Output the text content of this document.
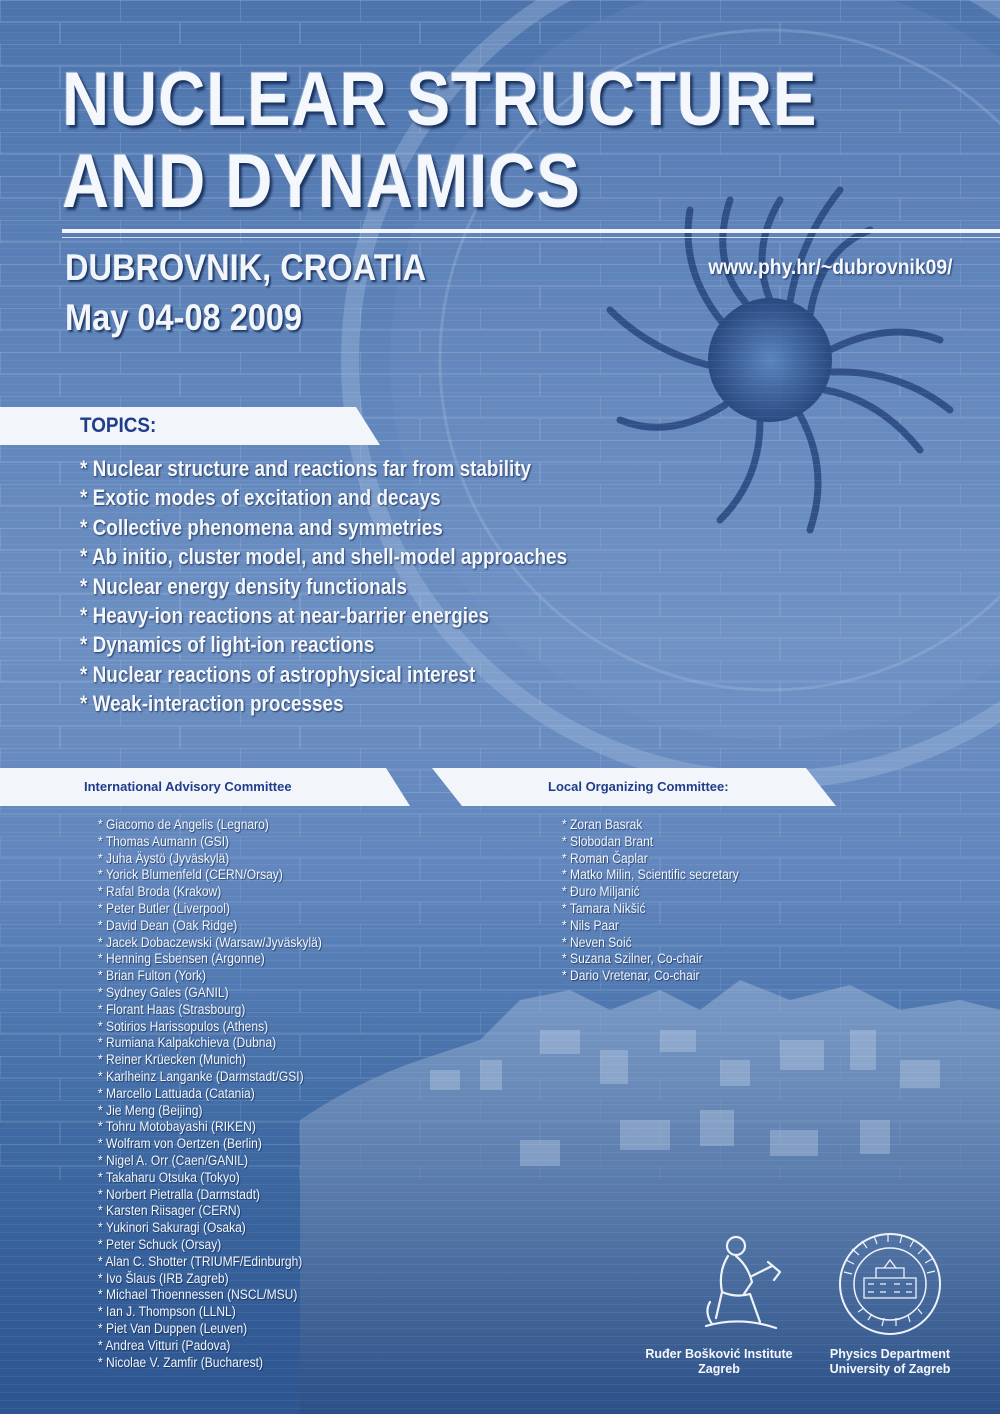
NUCLEAR STRUCTURE
AND DYNAMICS
DUBROVNIK, CROATIA
May 04-08 2009
www.phy.hr/~dubrovnik09/
TOPICS:
* Nuclear structure and reactions far from stability
* Exotic modes of excitation and decays
* Collective phenomena and symmetries
* Ab initio, cluster model, and shell-model approaches
* Nuclear energy density functionals
* Heavy-ion reactions at near-barrier energies
* Dynamics of light-ion reactions
* Nuclear reactions of astrophysical interest
* Weak-interaction processes
International Advisory Committee	Local Organizing Committee:
* Giacomo de Angelis (Legnaro)
* Thomas Aumann (GSI)
* Juha Äystö (Jyväskylä)
* Yorick Blumenfeld (CERN/Orsay)
* Rafal Broda (Krakow)
* Peter Butler (Liverpool)
* David Dean (Oak Ridge)
* Jacek Dobaczewski (Warsaw/Jyväskylä)
* Henning Esbensen (Argonne)
* Brian Fulton (York)
* Sydney Gales (GANIL)
* Florant Haas (Strasbourg)
* Sotirios Harissopulos (Athens)
* Rumiana Kalpakchieva (Dubna)
* Reiner Krüecken (Munich)
* Karlheinz Langanke (Darmstadt/GSI)
* Marcello Lattuada (Catania)
* Jie Meng (Beijing)
* Tohru Motobayashi (RIKEN)
* Wolfram von Oertzen (Berlin)
* Nigel A. Orr (Caen/GANIL)
* Takaharu Otsuka (Tokyo)
* Norbert Pietralla (Darmstadt)
* Karsten Riisager (CERN)
* Yukinori Sakuragi (Osaka)
* Peter Schuck (Orsay)
* Alan C. Shotter (TRIUMF/Edinburgh)
* Ivo Šlaus (IRB Zagreb)
* Michael Thoennessen (NSCL/MSU)
* Ian J. Thompson (LLNL)
* Piet Van Duppen (Leuven)
* Andrea Vitturi (Padova)
* Nicolae V. Zamfir (Bucharest)
* Zoran Basrak
* Slobodan Brant
* Roman Čaplar
* Matko Milin, Scientific secretary
* Đuro Miljanić
* Tamara Nikšić
* Nils Paar
* Neven Soić
* Suzana Szilner, Co-chair
* Dario Vretenar, Co-chair
Ruđer Bošković Institute
Zagreb
Physics Department
University of Zagreb
